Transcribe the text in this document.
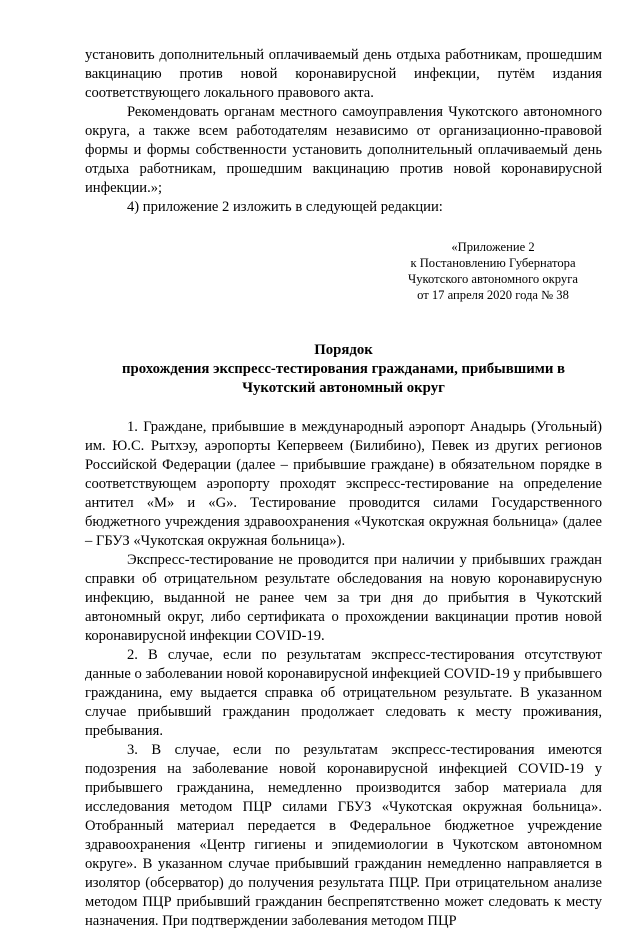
установить дополнительный оплачиваемый день отдыха работникам, прошедшим вакцинацию против новой коронавирусной инфекции, путём издания соответствующего локального правового акта.

Рекомендовать органам местного самоуправления Чукотского автономного округа, а также всем работодателям независимо от организационно-правовой формы и формы собственности установить дополнительный оплачиваемый день отдыха работникам, прошедшим вакцинацию против новой коронавирусной инфекции.»;

4) приложение 2 изложить в следующей редакции:

«Приложение 2
к Постановлению Губернатора
Чукотского автономного округа
от 17 апреля 2020 года № 38
Порядок
прохождения экспресс-тестирования гражданами, прибывшими в
Чукотский автономный округ

1. Граждане, прибывшие в международный аэропорт Анадырь (Угольный) им. Ю.С. Рытхэу, аэропорты Кепервеем (Билибино), Певек из других регионов Российской Федерации (далее – прибывшие граждане) в обязательном порядке в соответствующем аэропорту проходят экспресс-тестирование на определение антител «M» и «G». Тестирование проводится силами Государственного бюджетного учреждения здравоохранения «Чукотская окружная больница» (далее – ГБУЗ «Чукотская окружная больница»).

Экспресс-тестирование не проводится при наличии у прибывших граждан справки об отрицательном результате обследования на новую коронавирусную инфекцию, выданной не ранее чем за три дня до прибытия в Чукотский автономный округ, либо сертификата о прохождении вакцинации против новой коронавирусной инфекции COVID-19.

2. В случае, если по результатам экспресс-тестирования отсутствуют данные о заболевании новой коронавирусной инфекцией COVID-19 у прибывшего гражданина, ему выдается справка об отрицательном результате. В указанном случае прибывший гражданин продолжает следовать к месту проживания, пребывания.

3. В случае, если по результатам экспресс-тестирования имеются подозрения на заболевание новой коронавирусной инфекцией COVID-19 у прибывшего гражданина, немедленно производится забор материала для исследования методом ПЦР силами ГБУЗ «Чукотская окружная больница». Отобранный материал передается в Федеральное бюджетное учреждение здравоохранения «Центр гигиены и эпидемиологии в Чукотском автономном округе». В указанном случае прибывший гражданин немедленно направляется в изолятор (обсерватор) до получения результата ПЦР. При отрицательном анализе методом ПЦР прибывший гражданин беспрепятственно может следовать к месту назначения. При подтверждении заболевания методом ПЦР
